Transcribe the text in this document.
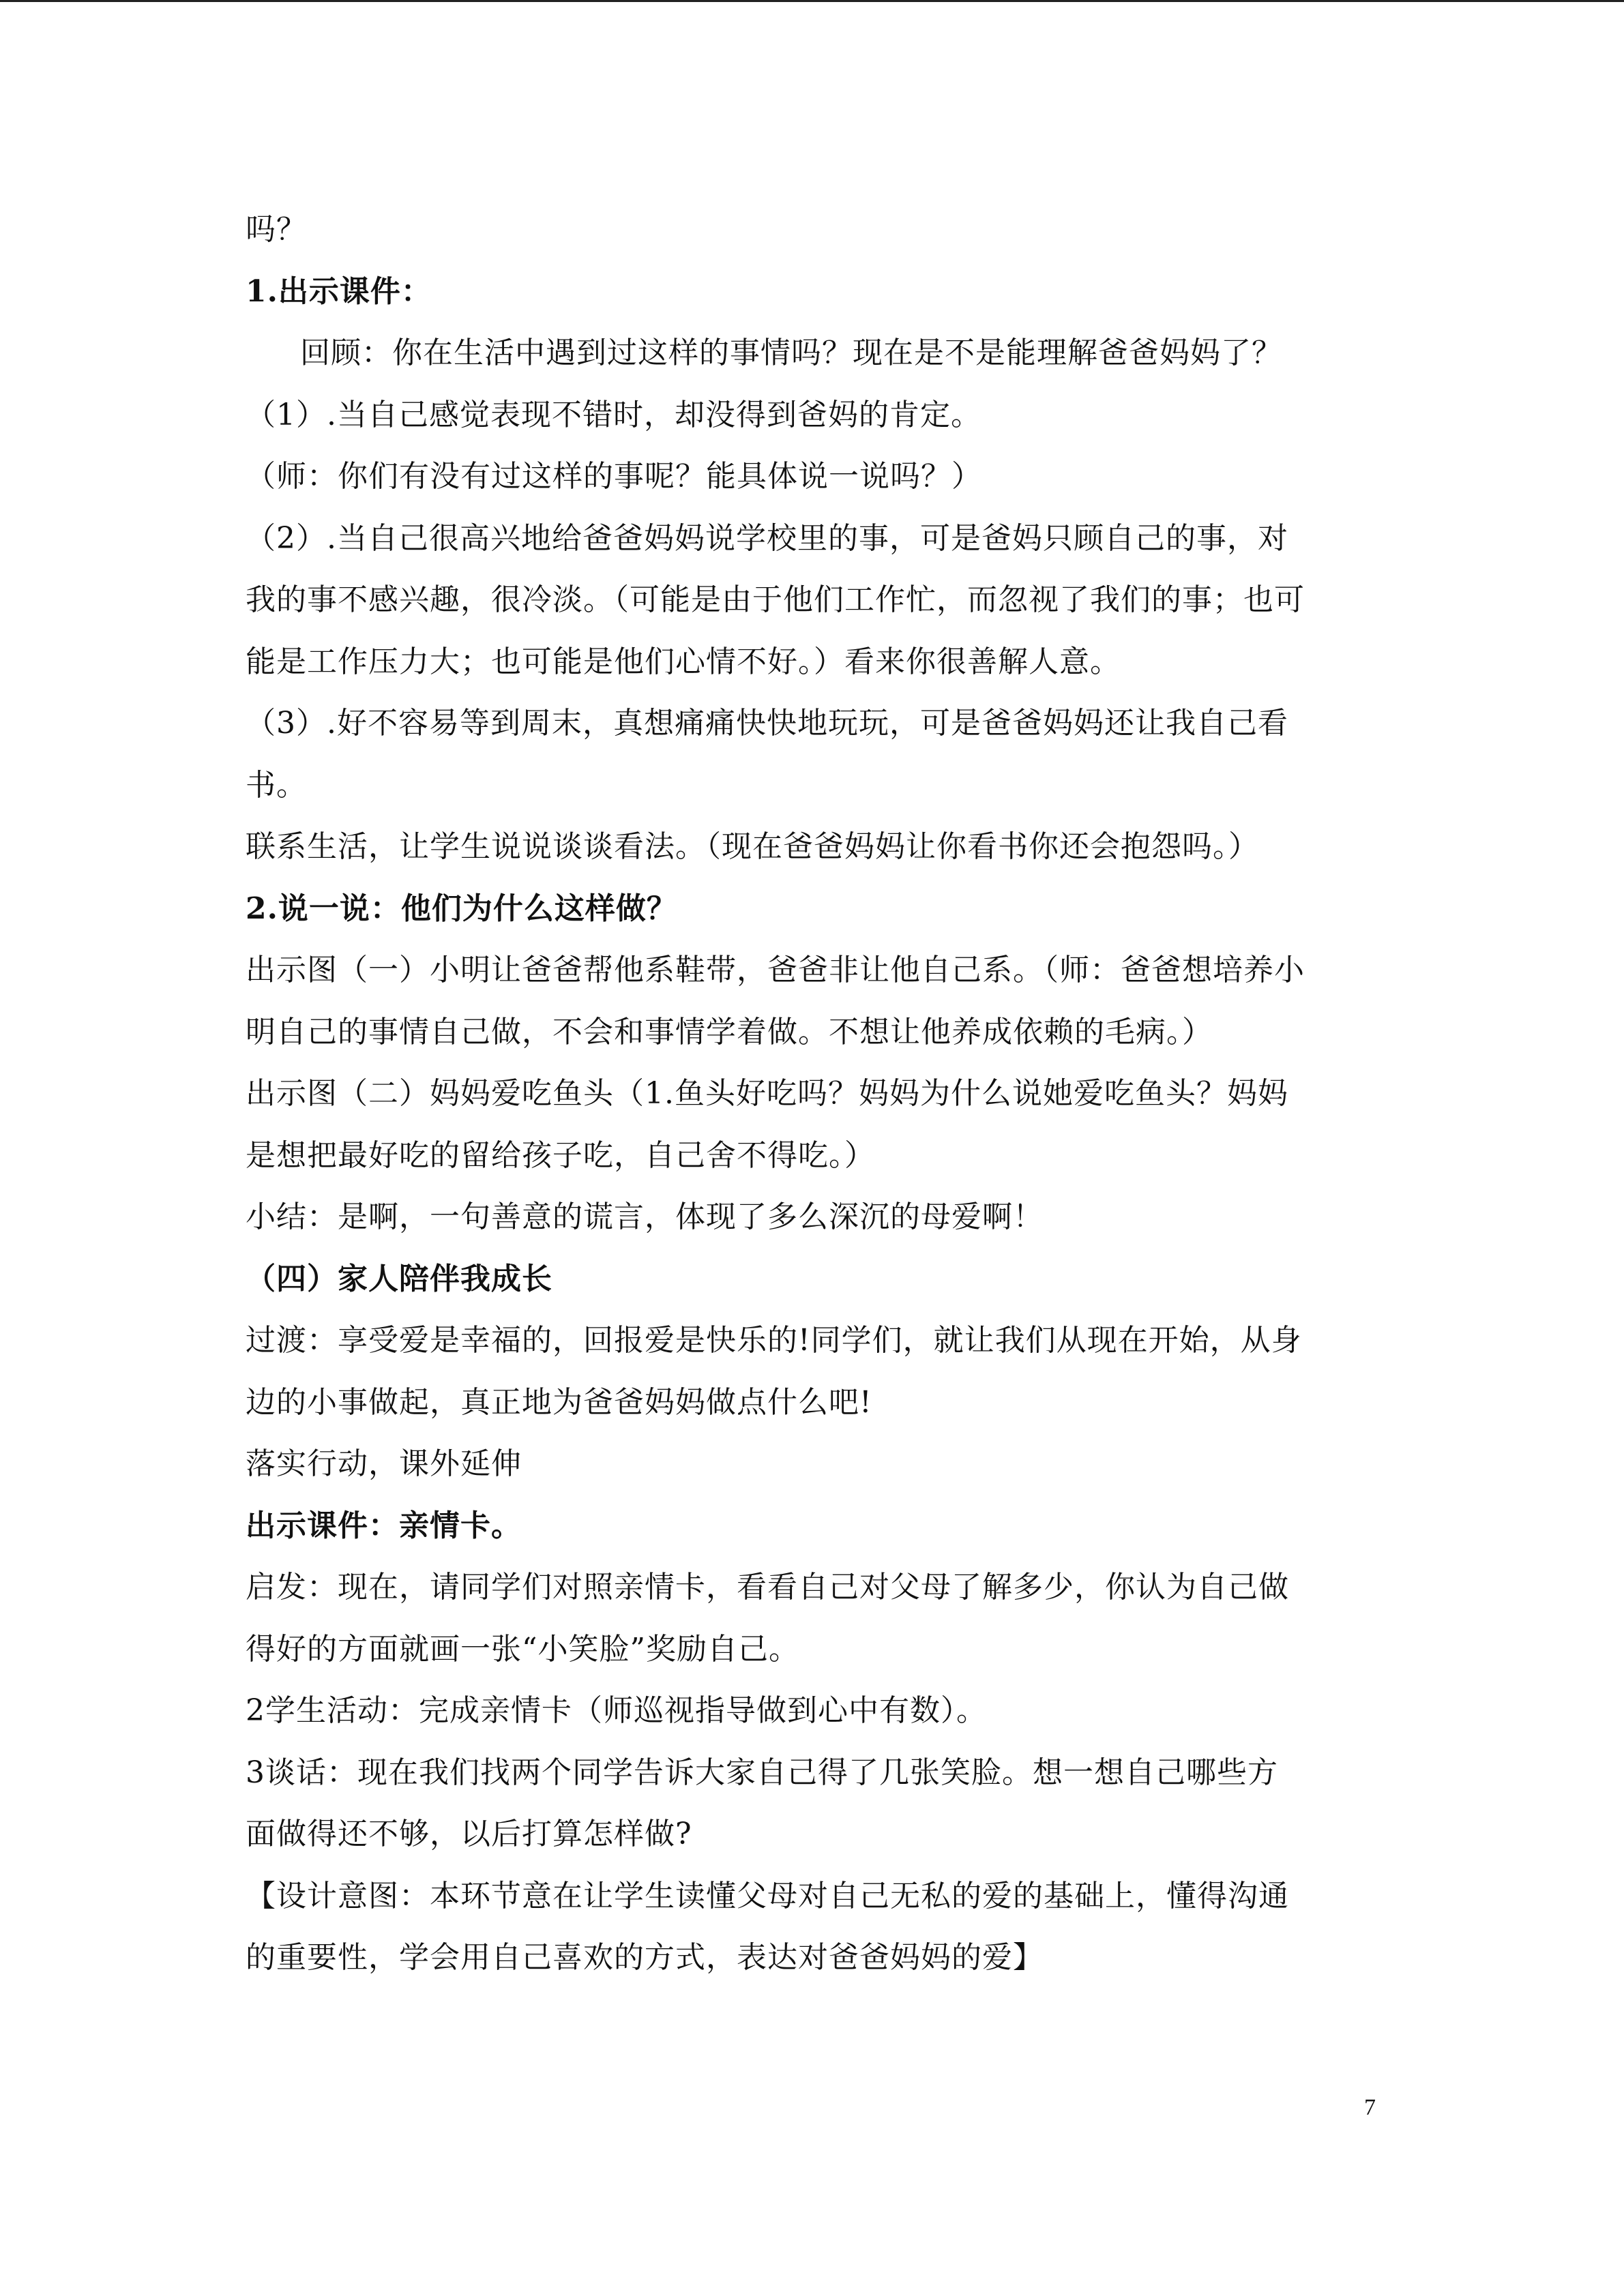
吗？
1.出示课件：
回顾：你在生活中遇到过这样的事情吗？现在是不是能理解爸爸妈妈了？
（1）.当自己感觉表现不错时，却没得到爸妈的肯定。
（师：你们有没有过这样的事呢？能具体说一说吗？）
（2）.当自己很高兴地给爸爸妈妈说学校里的事，可是爸妈只顾自己的事，对
我的事不感兴趣，很冷淡。（可能是由于他们工作忙，而忽视了我们的事；也可
能是工作压力大；也可能是他们心情不好。）看来你很善解人意。
（3）.好不容易等到周末，真想痛痛快快地玩玩，可是爸爸妈妈还让我自己看
书。
联系生活，让学生说说谈谈看法。（现在爸爸妈妈让你看书你还会抱怨吗。）
2.说一说：他们为什么这样做？
出示图（一）小明让爸爸帮他系鞋带，爸爸非让他自己系。（师：爸爸想培养小
明自己的事情自己做，不会和事情学着做。不想让他养成依赖的毛病。）
出示图（二）妈妈爱吃鱼头（1.鱼头好吃吗？妈妈为什么说她爱吃鱼头？妈妈
是想把最好吃的留给孩子吃，自己舍不得吃。）
小结：是啊，一句善意的谎言，体现了多么深沉的母爱啊！
（四）家人陪伴我成长
过渡：享受爱是幸福的，回报爱是快乐的!同学们，就让我们从现在开始，从身
边的小事做起，真正地为爸爸妈妈做点什么吧!
落实行动，课外延伸
出示课件：亲情卡。
启发：现在，请同学们对照亲情卡，看看自己对父母了解多少，你认为自己做
得好的方面就画一张“小笑脸”奖励自己。
2学生活动：完成亲情卡（师巡视指导做到心中有数）。
3谈话：现在我们找两个同学告诉大家自己得了几张笑脸。想一想自己哪些方
面做得还不够，以后打算怎样做?
【设计意图：本环节意在让学生读懂父母对自己无私的爱的基础上，懂得沟通
的重要性，学会用自己喜欢的方式，表达对爸爸妈妈的爱】
7
